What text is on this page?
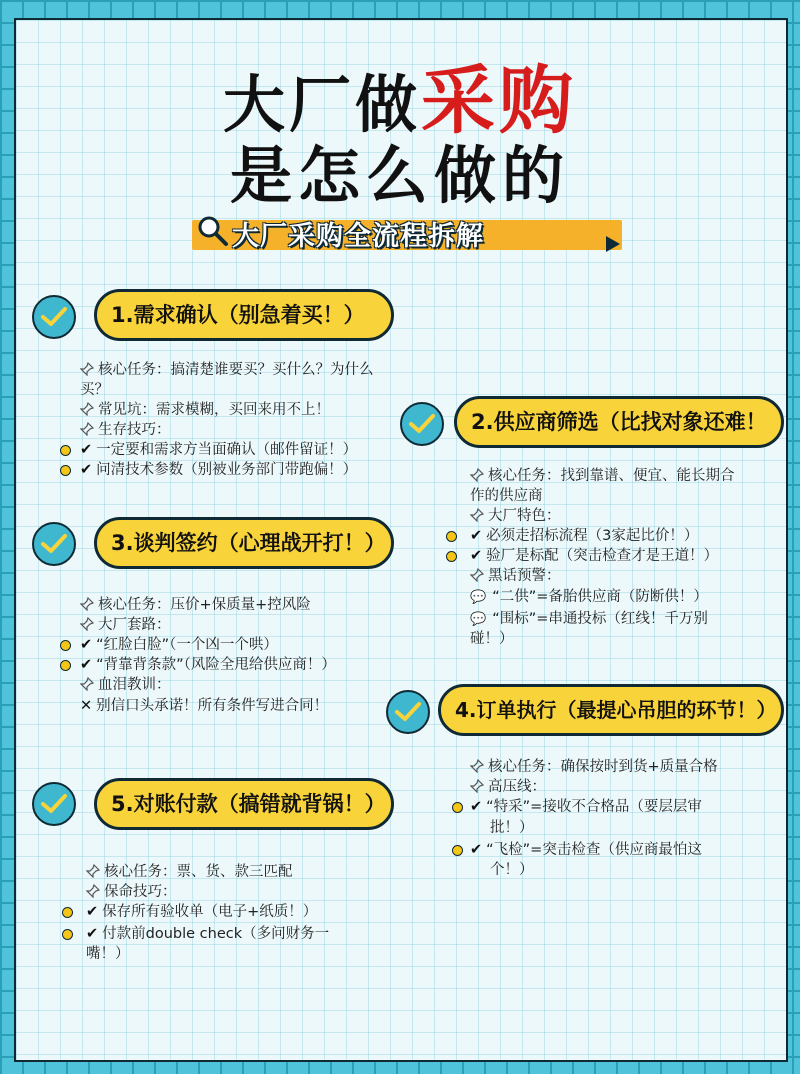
大厂做采购
是怎么做的
大厂采购全流程拆解
1.需求确认（别急着买！）
核心任务：搞清楚谁要买？买什么？为什么
买？
常见坑：需求模糊，买回来用不上！
生存技巧：
✔ 一定要和需求方当面确认（邮件留证！）
✔ 问清技术参数（别被业务部门带跑偏！）
2.供应商筛选（比找对象还难！
核心任务：找到靠谱、便宜、能长期合
作的供应商
大厂特色：
✔ 必须走招标流程（3家起比价！）
✔ 验厂是标配（突击检查才是王道！）
黑话预警：
💬 “二供”=备胎供应商（防断供！）
💬 “围标”=串通投标（红线！千万别
碰！）
3.谈判签约（心理战开打！）
核心任务：压价+保质量+控风险
大厂套路：
✔ “红脸白脸”（一个凶一个哄）
✔ “背靠背条款”（风险全甩给供应商！）
血泪教训：
✕ 别信口头承诺！所有条件写进合同！	4.订单执行（最提心吊胆的环节！）
核心任务：确保按时到货+质量合格
高压线：
✔ “特采”=接收不合格品（要层层审
批！）
✔ “飞检”=突击检查（供应商最怕这
个！）
5.对账付款（搞错就背锅！）
核心任务：票、货、款三匹配
保命技巧：
✔ 保存所有验收单（电子+纸质！）
✔ 付款前double check（多问财务一
嘴！）
